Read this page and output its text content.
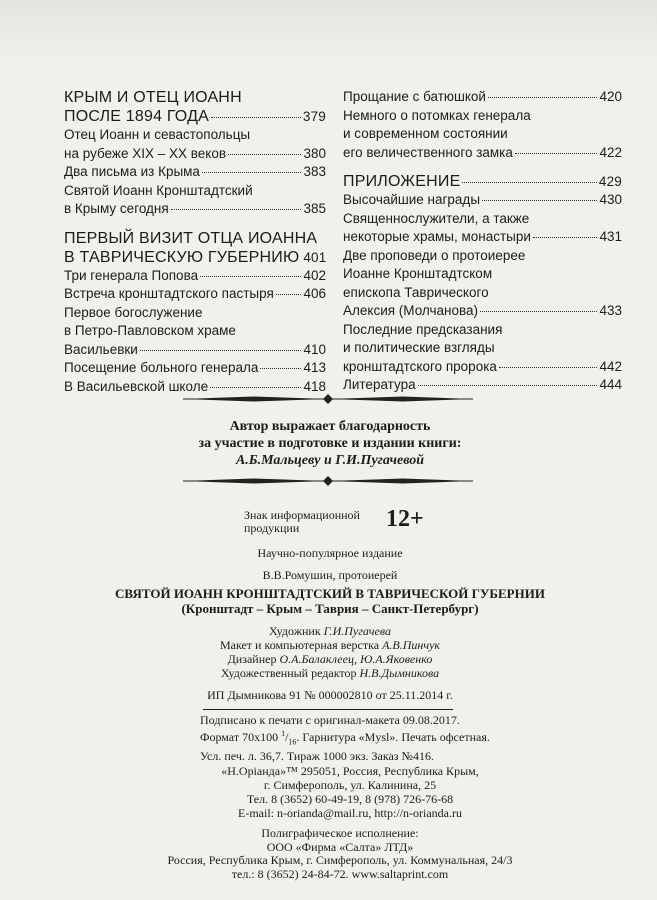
КРЫМ И ОТЕЦ ИОАНН
ПОСЛЕ 1894 ГОДА	379
Отец Иоанн и севастопольцы
на рубеже XIX – XX веков	380
Два письма из Крыма	383
Святой Иоанн Кронштадтский
в Крыму сегодня	385
ПЕРВЫЙ ВИЗИТ ОТЦА ИОАННА
В ТАВРИЧЕСКУЮ ГУБЕРНИЮ 401
Три генерала Попова	402
Встреча кронштадтского пастыря 406
Первое богослужение
в Петро-Павловском храме
Васильевки	410
Посещение больного генерала	413
В Васильевской школе	418
Прощание с батюшкой	420
Немного о потомках генерала
и современном состоянии
его величественного замка	422
ПРИЛОЖЕНИЕ	429
Высочайшие награды	430
Священнослужители, а также
некоторые храмы, монастыри	431
Две проповеди о протоиерее
Иоанне Кронштадтском
епископа Таврического
Алексия (Молчанова)	433
Последние предсказания
и политические взгляды
кронштадтского пророка	442
Литература	444
Автор выражает благодарность
за участие в подготовке и издании книги:
А.Б.Мальцеву и Г.И.Пугачевой
Знак информационной
продукции	12+
Научно-популярное издание
В.В.Ромушин, протоиерей
СВЯТОЙ ИОАНН КРОНШТАДТСКИЙ В ТАВРИЧЕСКОЙ ГУБЕРНИИ
(Кронштадт – Крым – Таврия – Санкт-Петербург)
Художник Г.И.Пугачева
Макет и компьютерная верстка А.В.Пинчук
Дизайнер О.А.Балаклеец, Ю.А.Яковенко
Художественный редактор Н.В.Дымникова
ИП Дымникова 91 № 000002810 от 25.11.2014 г.
Подписано к печати с оригинал-макета 09.08.2017.
Формат 70х100 $^1/_{16}$. Гарнитура «Mysl». Печать офсетная.
Усл. печ. л. 36,7. Тираж 1000 экз. Заказ №416.
«Н.Оріанда»™ 295051, Россия, Республика Крым,
г. Симферополь, ул. Калинина, 25
Тел. 8 (3652) 60-49-19, 8 (978) 726-76-68
E-mail: n-orianda@mail.ru, http://n-orianda.ru
Полиграфическое исполнение:
ООО «Фирма «Салта» ЛТД»
Россия, Республика Крым, г. Симферополь, ул. Коммунальная, 24/3
тел.: 8 (3652) 24-84-72. www.saltaprint.com
